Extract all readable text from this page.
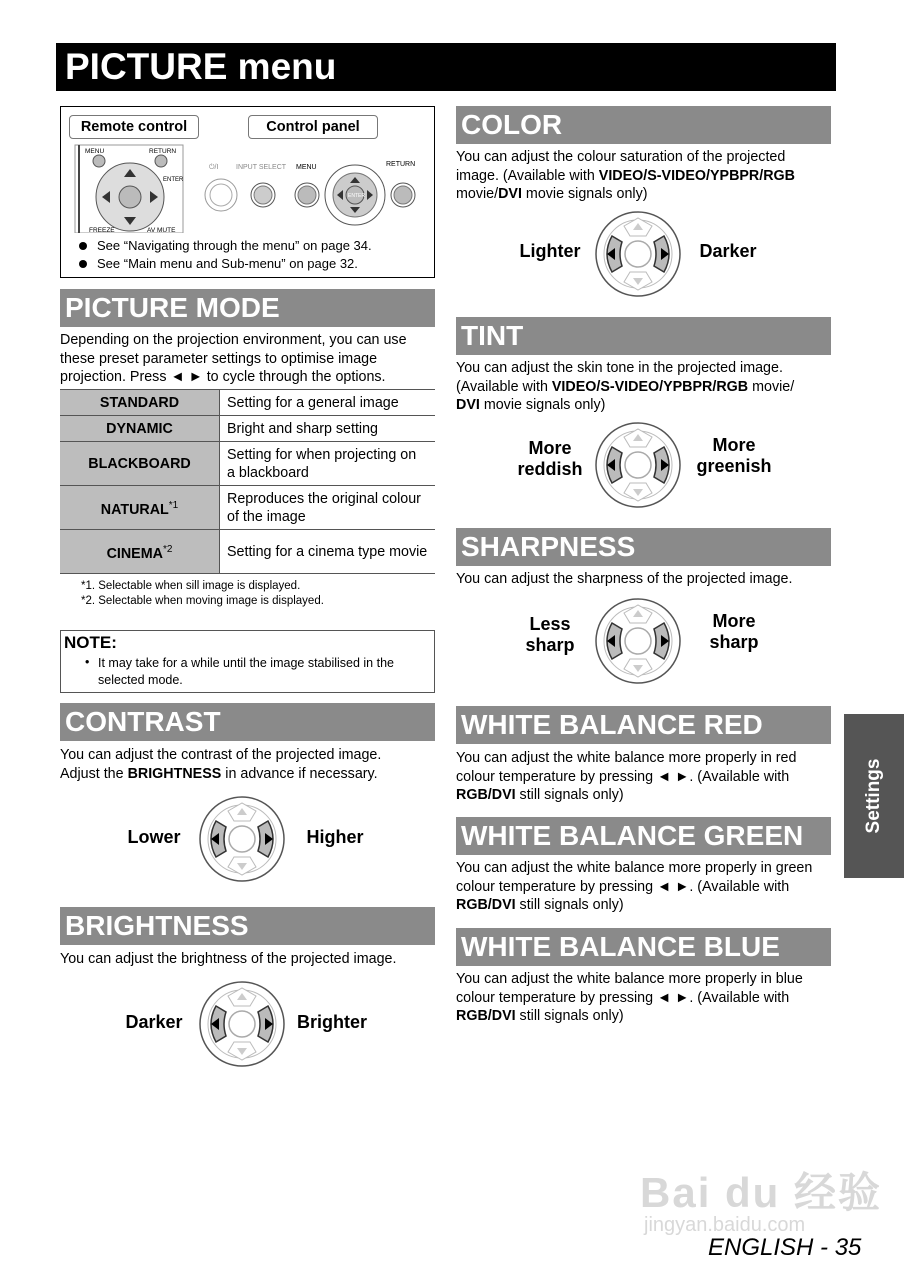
PICTURE menu
Remote control	Control panel
MENU	RETURN
ENTER
FREEZE	AV MUTE
⏻/I	INPUT SELECT MENU	RETURN
ENTER
See “Navigating through the menu” on page 34.
See “Main menu and Sub-menu” on page 32.
PICTURE MODE
Depending on the projection environment, you can use these preset parameter settings to optimise image projection. Press ◄ ► to cycle through the options.
STANDARD	Setting for a general image
DYNAMIC	Bright and sharp setting
BLACKBOARD	Setting for when projecting on a blackboard
NATURAL$^{*1}$	Reproduces the original colour of the image
CINEMA$^{*2}$	Setting for a cinema type movie
*1. Selectable when sill image is displayed.
*2. Selectable when moving image is displayed.
NOTE:
• It may take for a while until the image stabilised in the selected mode.
CONTRAST
You can adjust the contrast of the projected image.
Adjust the BRIGHTNESS in advance if necessary.
Lower	Higher
BRIGHTNESS
You can adjust the brightness of the projected image.
Darker	Brighter
COLOR
You can adjust the colour saturation of the projected
image. (Available with VIDEO/S-VIDEO/YPBPR/RGB
movie/DVI movie signals only)
Lighter	Darker
TINT
You can adjust the skin tone in the projected image.
(Available with VIDEO/S-VIDEO/YPBPR/RGB movie/
DVI movie signals only)
More
reddish
More
greenish
SHARPNESS
You can adjust the sharpness of the projected image.
Less
sharp
More
sharp
WHITE BALANCE RED
You can adjust the white balance more properly in red
colour temperature by pressing ◄ ►. (Available with
RGB/DVI still signals only)
WHITE BALANCE GREEN
You can adjust the white balance more properly in green
colour temperature by pressing ◄ ►. (Available with
RGB/DVI still signals only)
WHITE BALANCE BLUE
You can adjust the white balance more properly in blue
colour temperature by pressing ◄ ►. (Available with
RGB/DVI still signals only)
Settings
Bai du 经验
jingyan.baidu.com
ENGLISH - 35
